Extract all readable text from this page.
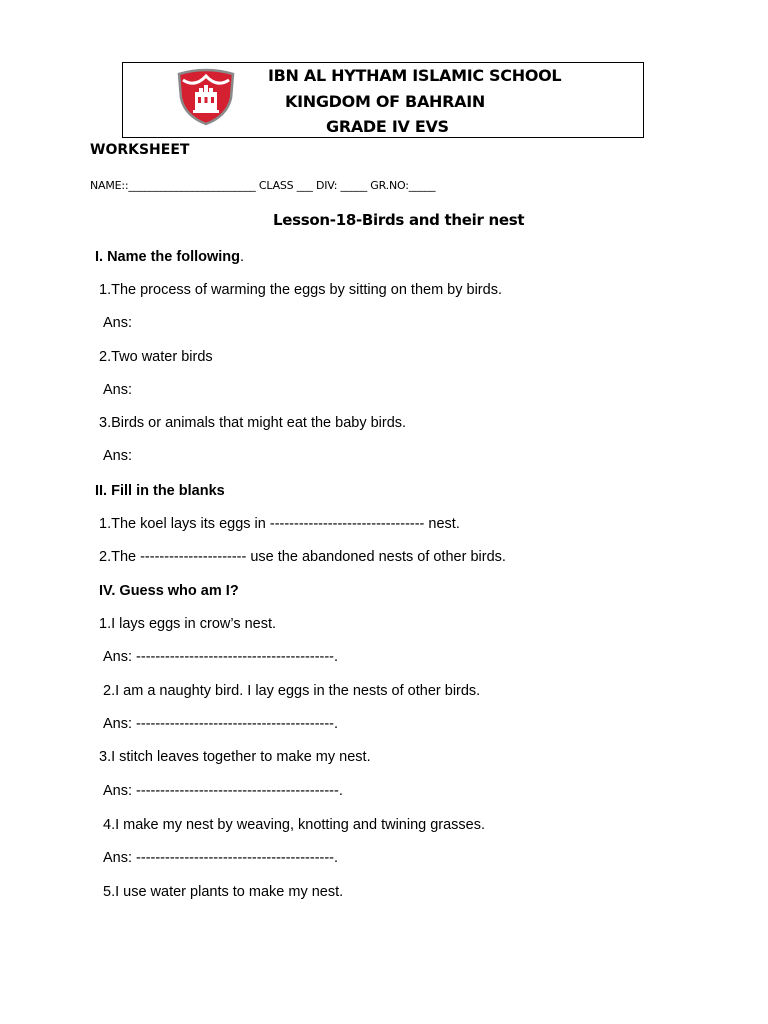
IBN AL HYTHAM ISLAMIC SCHOOL
KINGDOM OF BAHRAIN
GRADE IV EVS
WORKSHEET
NAME::________________________ CLASS ___ DIV: _____ GR.NO:_____
Lesson-18-Birds and their nest
I. Name the following.
1.The process of warming the eggs by sitting on them by birds.
Ans:
2.Two water birds
Ans:
3.Birds or animals that might eat the baby birds.
Ans:
II. Fill in the blanks
1.The koel lays its eggs in -------------------------------- nest.
2.The ---------------------- use the abandoned nests of other birds.
IV. Guess who am I?
1.I lays eggs in crow’s nest.
Ans: -----------------------------------------.
2.I am a naughty bird. I lay eggs in the nests of other birds.
Ans: -----------------------------------------.
3.I stitch leaves together to make my nest.
Ans: ------------------------------------------.
4.I make my nest by weaving, knotting and twining grasses.
Ans: -----------------------------------------.
5.I use water plants to make my nest.
